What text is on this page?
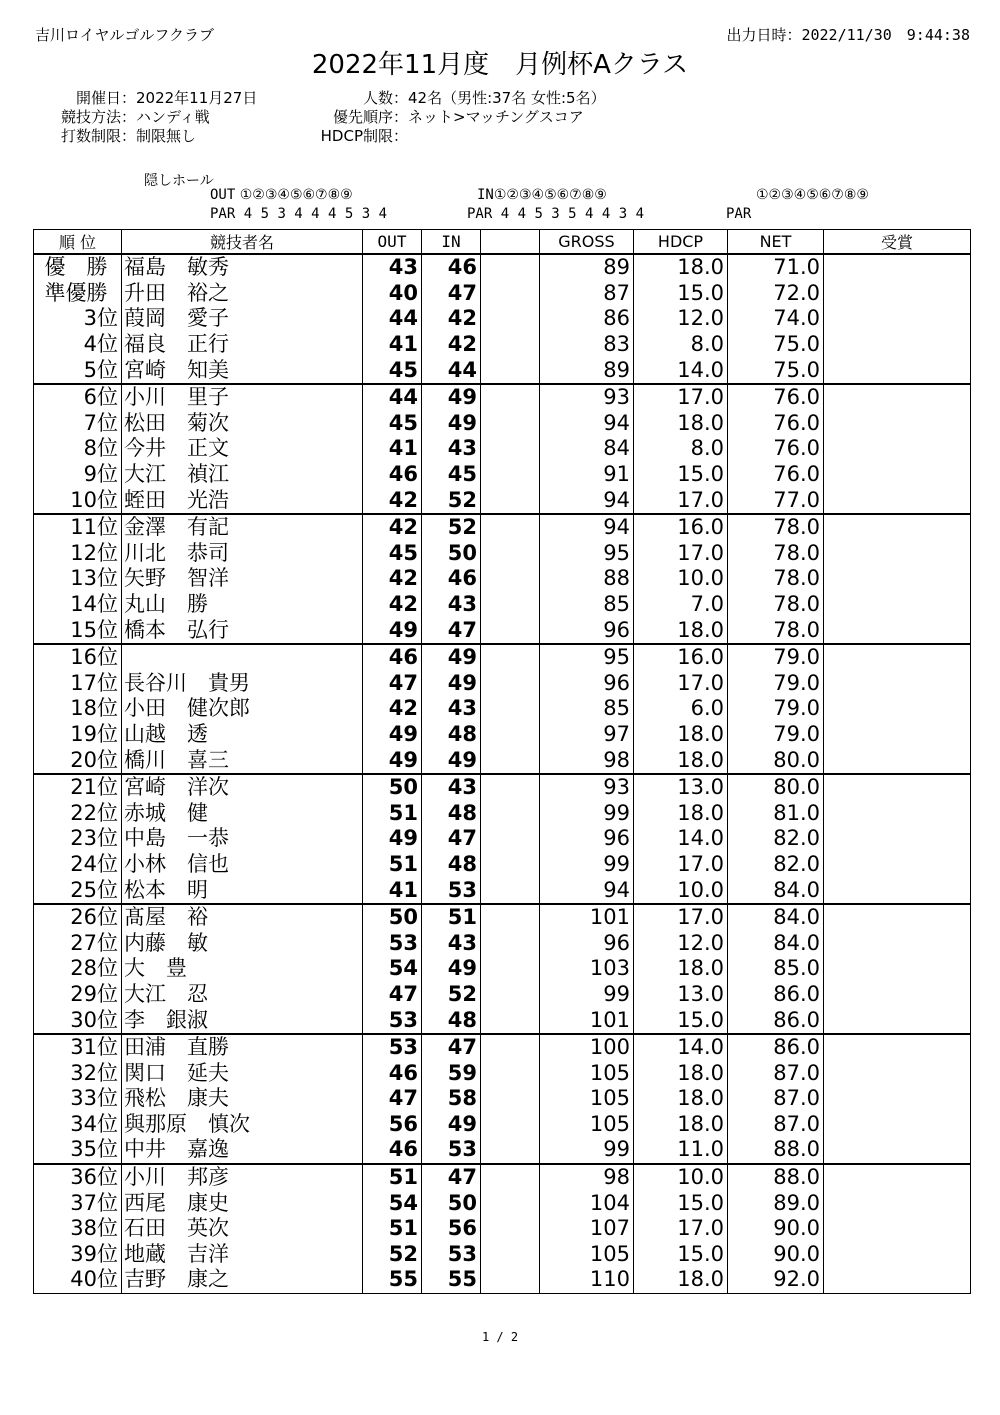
吉川ロイヤルゴルフクラブ	出力日時：2022/11/30　9:44:38
2022年11月度　月例杯Aクラス
開催日：2022年11月27日
競技方法：ハンディ戦
打数制限：制限無し
人数：42名（男性:37名 女性:5名）
優先順序：ネット>マッチングスコア
HDCP制限：
隠しホール
OUT ①②③④⑤⑥⑦⑧⑨	IN①②③④⑤⑥⑦⑧⑨	①②③④⑤⑥⑦⑧⑨
PAR 4 5 3 4 4 4 5 3 4	PAR 4 4 5 3 5 4 4 3 4	PAR
順 位	競技者名	OUT	IN		GROSS	HDCP	NET	受賞
優　勝	福島　敏秀	43	46		89	18.0	71.0	
準優勝	升田　裕之	40	47		87	15.0	72.0	
3位	葭岡　愛子	44	42		86	12.0	74.0	
4位	福良　正行	41	42		83	8.0	75.0	
5位	宮崎　知美	45	44		89	14.0	75.0	
6位	小川　里子	44	49		93	17.0	76.0	
7位	松田　菊次	45	49		94	18.0	76.0	
8位	今井　正文	41	43		84	8.0	76.0	
9位	大江　禎江	46	45		91	15.0	76.0	
10位	蛭田　光浩	42	52		94	17.0	77.0	
11位	金澤　有記	42	52		94	16.0	78.0	
12位	川北　恭司	45	50		95	17.0	78.0	
13位	矢野　智洋	42	46		88	10.0	78.0	
14位	丸山　勝	42	43		85	7.0	78.0	
15位	橋本　弘行	49	47		96	18.0	78.0	
16位		46	49		95	16.0	79.0	
17位	長谷川　貴男	47	49		96	17.0	79.0	
18位	小田　健次郎	42	43		85	6.0	79.0	
19位	山越　透	49	48		97	18.0	79.0	
20位	橋川　喜三	49	49		98	18.0	80.0	
21位	宮崎　洋次	50	43		93	13.0	80.0	
22位	赤城　健	51	48		99	18.0	81.0	
23位	中島　一恭	49	47		96	14.0	82.0	
24位	小林　信也	51	48		99	17.0	82.0	
25位	松本　明	41	53		94	10.0	84.0	
26位	髙屋　裕	50	51		101	17.0	84.0	
27位	内藤　敏	53	43		96	12.0	84.0	
28位	大　豊	54	49		103	18.0	85.0	
29位	大江　忍	47	52		99	13.0	86.0	
30位	李　銀淑	53	48		101	15.0	86.0	
31位	田浦　直勝	53	47		100	14.0	86.0	
32位	関口　延夫	46	59		105	18.0	87.0	
33位	飛松　康夫	47	58		105	18.0	87.0	
34位	與那原　慎次	56	49		105	18.0	87.0	
35位	中井　嘉逸	46	53		99	11.0	88.0	
36位	小川　邦彦	51	47		98	10.0	88.0	
37位	西尾　康史	54	50		104	15.0	89.0	
38位	石田　英次	51	56		107	17.0	90.0	
39位	地蔵　吉洋	52	53		105	15.0	90.0	
40位	吉野　康之	55	55		110	18.0	92.0	
1 / 2
